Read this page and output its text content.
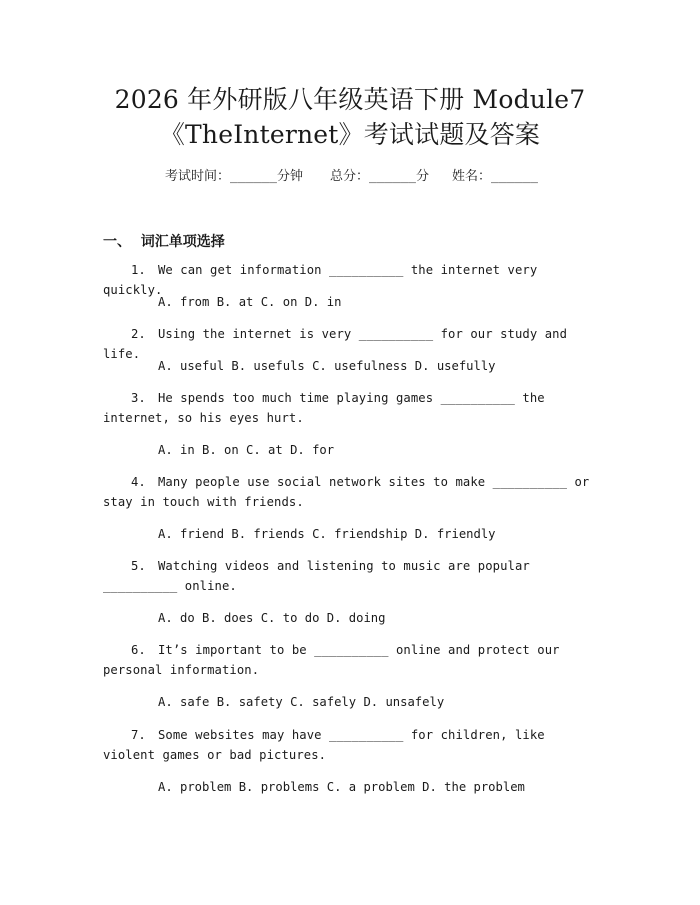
2026 年外研版八年级英语下册 Module7
《TheInternet》考试试题及答案
考试时间：______分钟 总分：______分 姓名：______
一、  词汇单项选择
1. We can get information __________ the internet very quickly.
A. from B. at C. on D. in
2. Using the internet is very __________ for our study and life.
A. useful B. usefuls C. usefulness D. usefully
3. He spends too much time playing games __________ the internet, so his eyes hurt.
A. in B. on C. at D. for
4. Many people use social network sites to make __________ or stay in touch with friends.
A. friend B. friends C. friendship D. friendly
5. Watching videos and listening to music are popular __________ online.
A. do B. does C. to do D. doing
6. It’s important to be __________ online and protect our personal information.
A. safe B. safety C. safely D. unsafely
7. Some websites may have __________ for children, like violent games or bad pictures.
A. problem B. problems C. a problem D. the problem
